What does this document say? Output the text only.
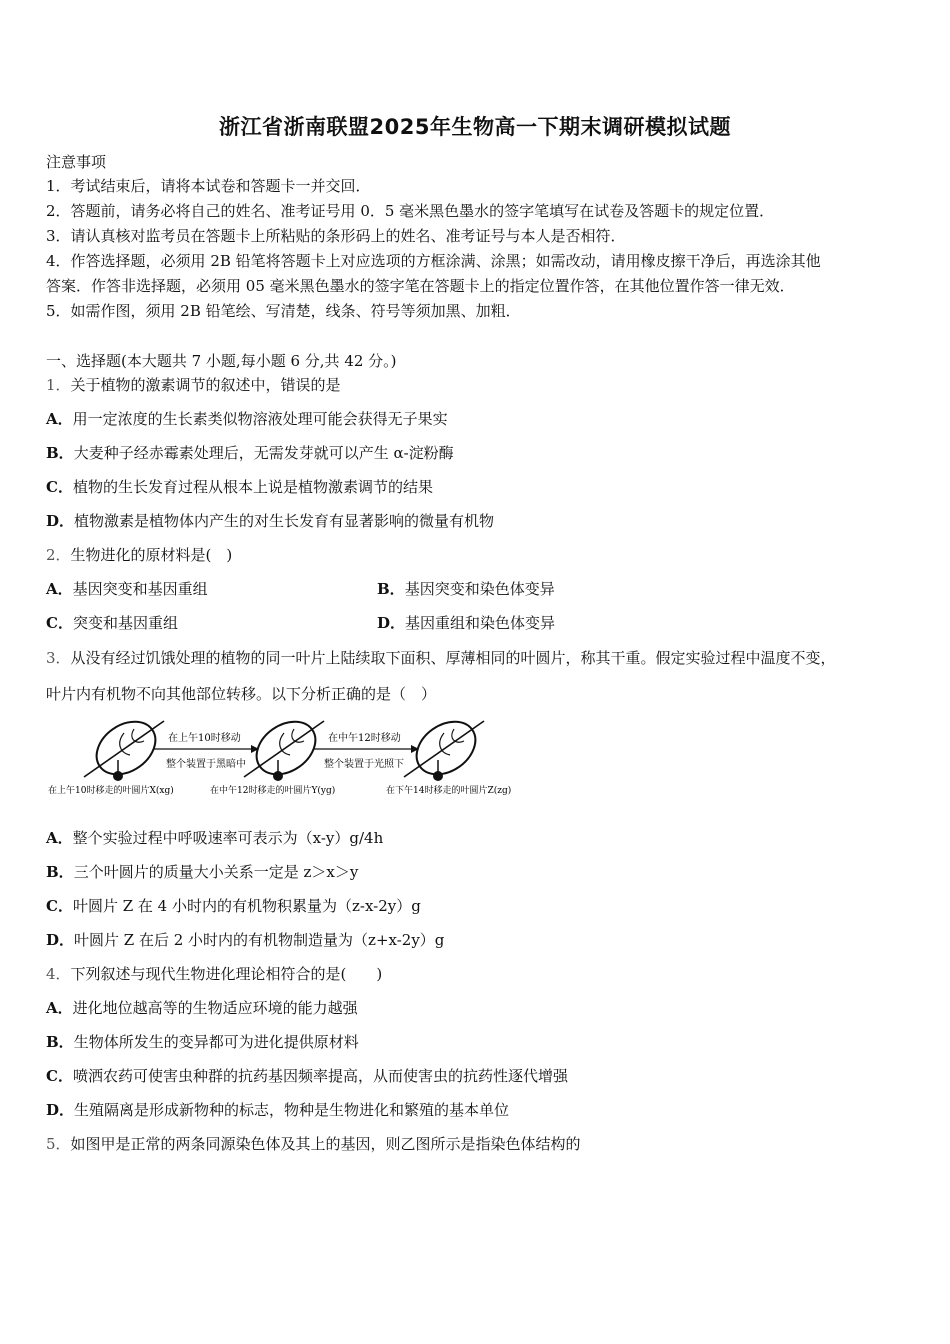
浙江省浙南联盟2025年生物高一下期末调研模拟试题
注意事项
1．考试结束后，请将本试卷和答题卡一并交回．
2．答题前，请务必将自己的姓名、准考证号用 0．5 毫米黑色墨水的签字笔填写在试卷及答题卡的规定位置．
3．请认真核对监考员在答题卡上所粘贴的条形码上的姓名、准考证号与本人是否相符．
4．作答选择题，必须用 2B 铅笔将答题卡上对应选项的方框涂满、涂黑；如需改动，请用橡皮擦干净后，再选涂其他
答案．作答非选择题，必须用 05 毫米黑色墨水的签字笔在答题卡上的指定位置作答，在其他位置作答一律无效．
5．如需作图，须用 2B 铅笔绘、写清楚，线条、符号等须加黑、加粗．
一、选择题(本大题共 7 小题,每小题 6 分,共 42 分。)
1．关于植物的激素调节的叙述中，错误的是
A．用一定浓度的生长素类似物溶液处理可能会获得无子果实
B．大麦种子经赤霉素处理后，无需发芽就可以产生 α-淀粉酶
C．植物的生长发育过程从根本上说是植物激素调节的结果
D．植物激素是植物体内产生的对生长发育有显著影响的微量有机物
2．生物进化的原材料是(　)
A．基因突变和基因重组	B．基因突变和染色体变异
C．突变和基因重组	D．基因重组和染色体变异
3．从没有经过饥饿处理的植物的同一叶片上陆续取下面积、厚薄相同的叶圆片，称其干重。假定实验过程中温度不变，
叶片内有机物不向其他部位转移。以下分析正确的是（　）
在上午10时移动
整个装置于黑暗中
在中午12时移动
整个装置于光照下
在上午10时移走的叶圆片X(xg)	在中午12时移走的叶圆片Y(yg)	在下午14时移走的叶圆片Z(zg)
A．整个实验过程中呼吸速率可表示为（x-y）g/4h
B．三个叶圆片的质量大小关系一定是 z＞x＞y
C．叶圆片 Z 在 4 小时内的有机物积累量为（z-x-2y）g
D．叶圆片 Z 在后 2 小时内的有机物制造量为（z+x-2y）g
4．下列叙述与现代生物进化理论相符合的是(　　)
A．进化地位越高等的生物适应环境的能力越强
B．生物体所发生的变异都可为进化提供原材料
C．喷洒农药可使害虫种群的抗药基因频率提高，从而使害虫的抗药性逐代增强
D．生殖隔离是形成新物种的标志，物种是生物进化和繁殖的基本单位
5．如图甲是正常的两条同源染色体及其上的基因，则乙图所示是指染色体结构的
